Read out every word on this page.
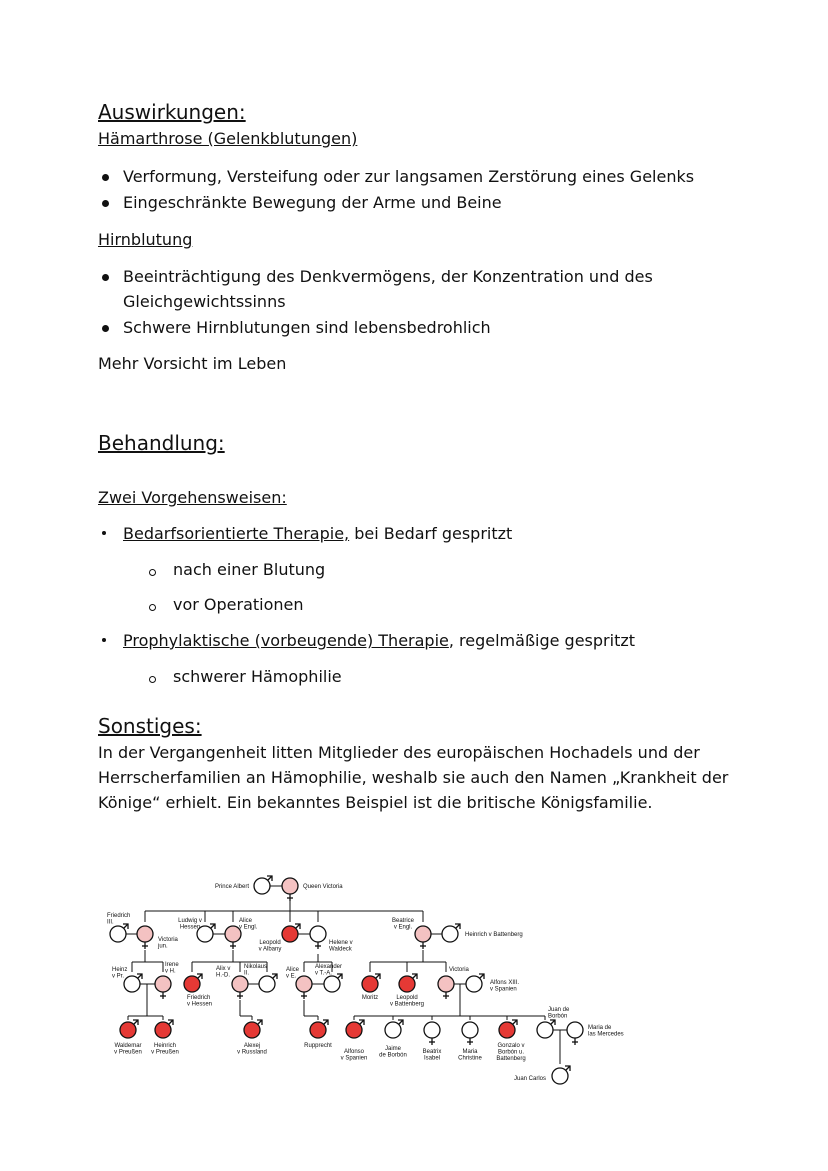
Auswirkungen:
Hämarthrose (Gelenkblutungen)
Verformung, Versteifung oder zur langsamen Zerstörung eines Gelenks
Eingeschränkte Bewegung der Arme und Beine
Hirnblutung
Beeinträchtigung des Denkvermögens, der Konzentration und des
Gleichgewichtssinns
Schwere Hirnblutungen sind lebensbedrohlich
Mehr Vorsicht im Leben
Behandlung:
Zwei Vorgehensweisen:
Bedarfsorientierte Therapie, bei Bedarf gespritzt
nach einer Blutung
vor Operationen
Prophylaktische (vorbeugende) Therapie, regelmäßige gespritzt
schwerer Hämophilie
Sonstiges:
In der Vergangenheit litten Mitglieder des europäischen Hochadels und der
Herrscherfamilien an Hämophilie, weshalb sie auch den Namen „Krankheit der
Könige“ erhielt. Ein bekanntes Beispiel ist die britische Königsfamilie.
Prince Albert	Queen Victoria
Friedrich
III.
Victoria
jun.
Ludwig v
Hessen
Alice
v Engl.
Leopold
v Albany
Helene v
Waldeck
Beatrice
v Engl.
Heinrich v Battenberg
Heinz
v Pr.
Irene
v H.
Friedrich
v Hessen
Alix v
H.-D.
Nikolaus
II.
Alice
v E.
Alexander
v T.-A.
Moritz	Leopold
v Battenberg
Victoria
Alfons XIII.
v Spanien
Waldemar
v Preußen
Heinrich
v Preußen
Alexej
v Russland
Rupprecht
Alfonso
v Spanien
Jaime
de Borbón
Beatrix
Isabel
Maria
Christine
Gonzalo v
Borbón u.
Battenberg
Juan de
Borbón
Maria de
las Mercedes
Juan Carlos
